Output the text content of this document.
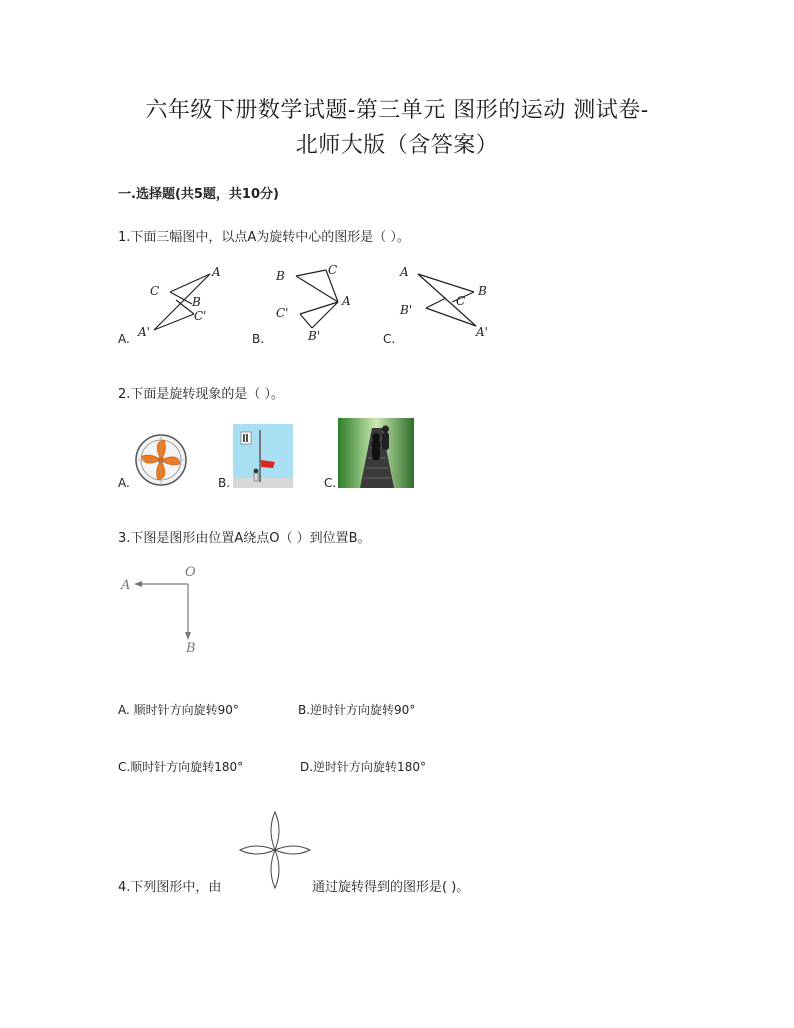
六年级下册数学试题-第三单元 图形的运动 测试卷-
北师大版（含答案）
一.选择题(共5题，共10分)
1.下面三幅图中，以点A为旋转中心的图形是（ ）。
A
C
B
C'
A'
A.
B	C
A
C'
B'
B.
A
B
C
B'
A'
C.
2.下面是旋转现象的是（ ）。
A.	B.	C.
3.下图是图形由位置A绕点O（ ）到位置B。
A
O
B
A. 顺时针方向旋转90°	B.逆时针方向旋转90°
C.顺时针方向旋转180°	D.逆时针方向旋转180°
4.下列图形中，由	通过旋转得到的图形是( )。
